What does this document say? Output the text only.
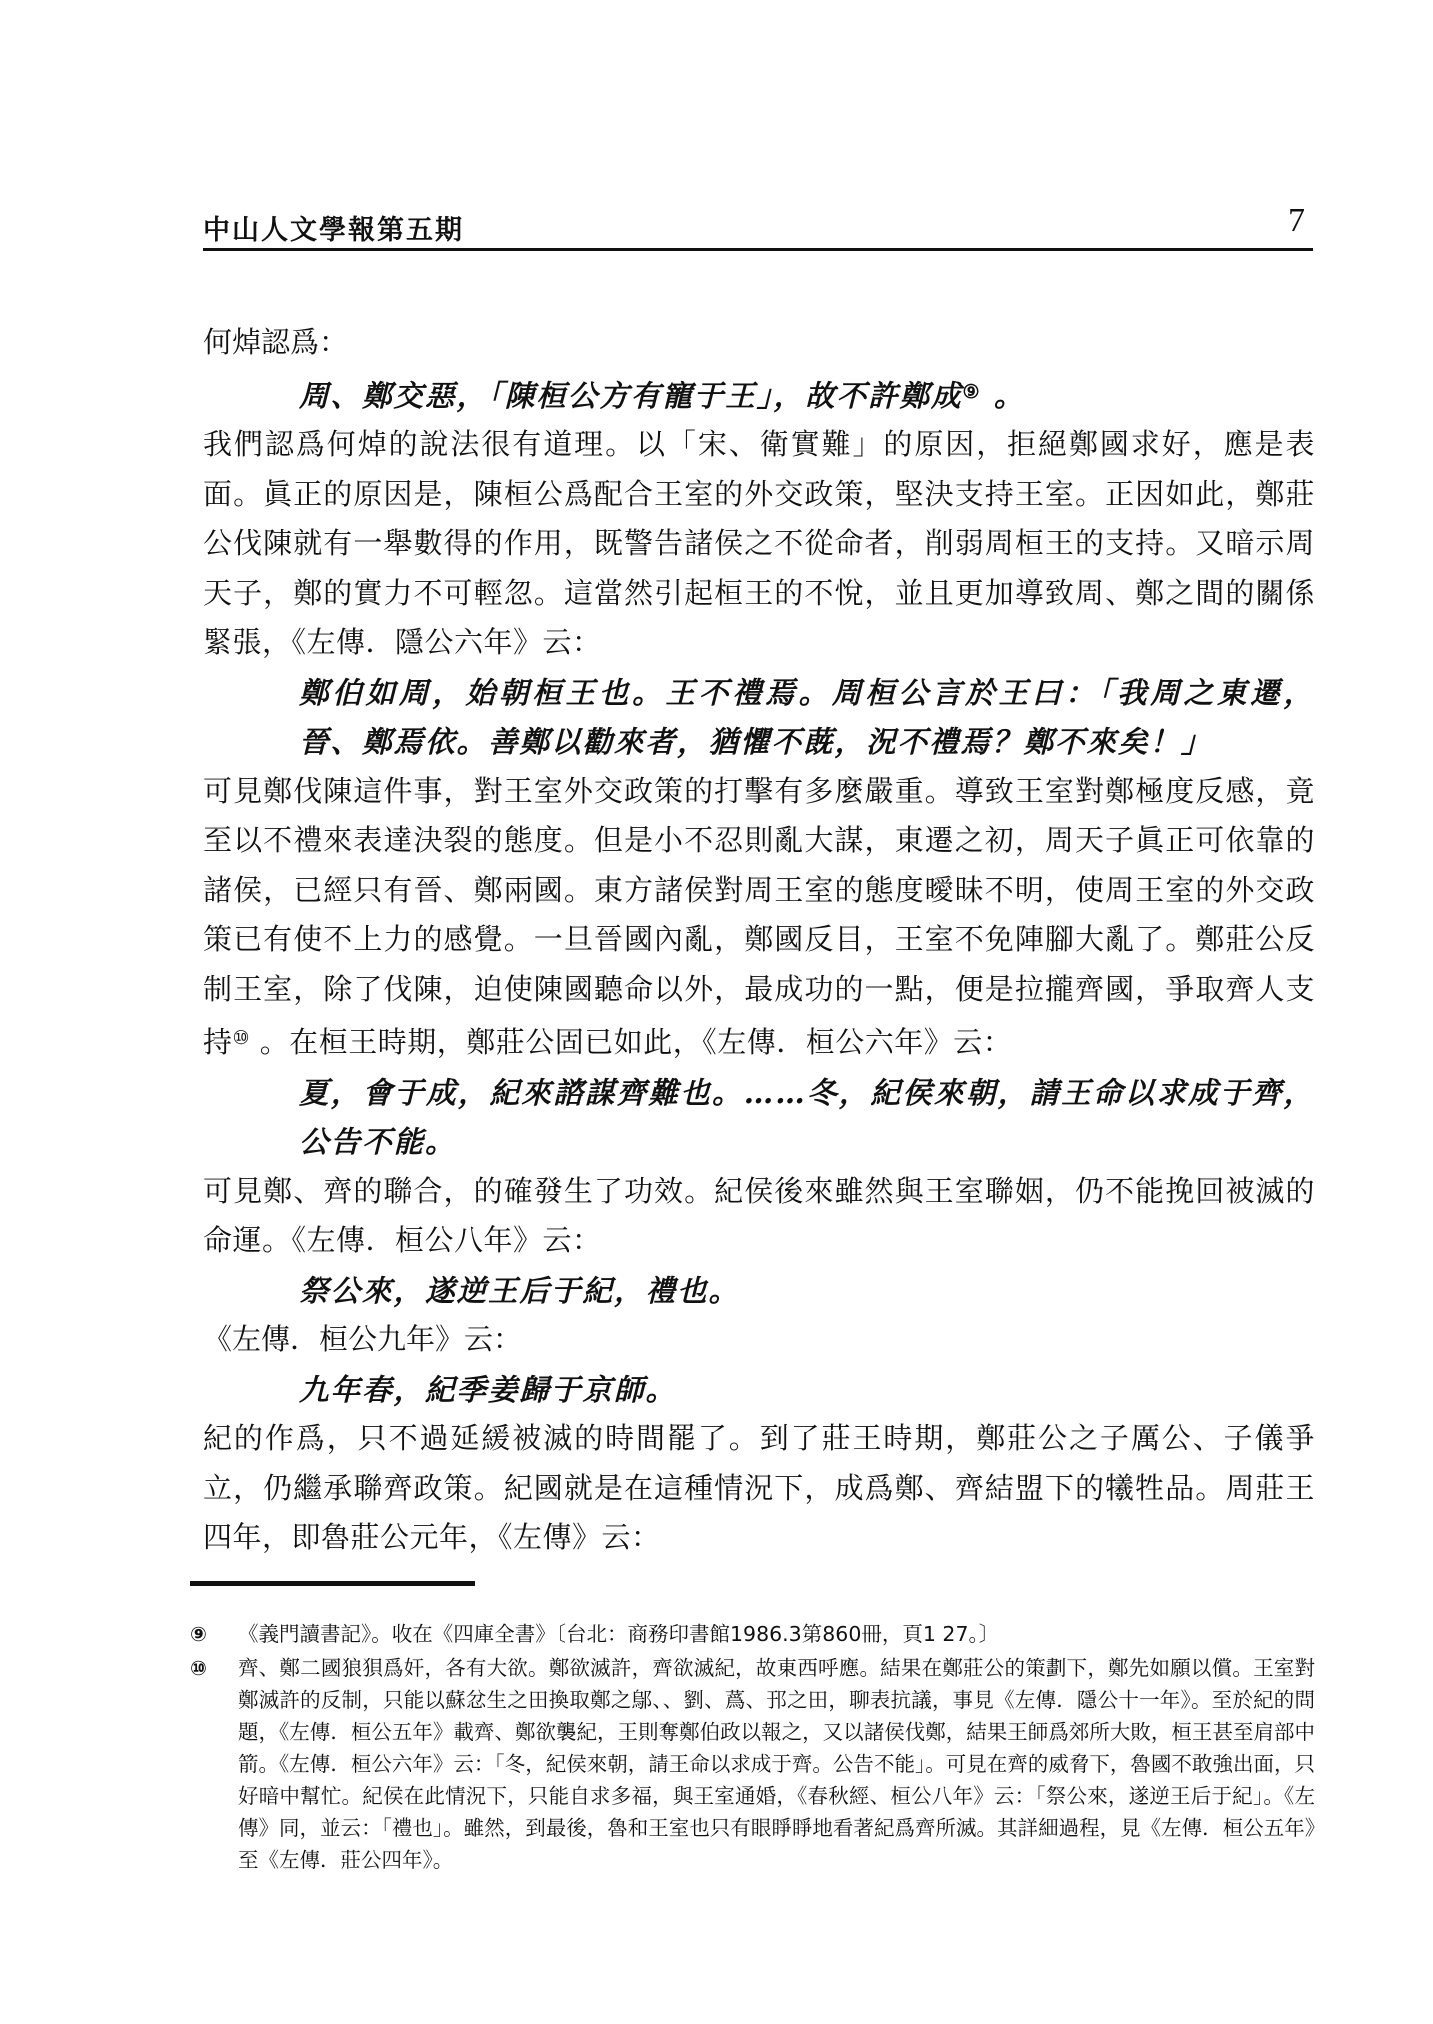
中山人文學報第五期	7

何焯認爲：

周、鄭交惡，「陳桓公方有寵于王」，故不許鄭成⑨ 。

我們認爲何焯的說法很有道理。以「宋、衛實難」的原因，拒絕鄭國求好，應是表面。眞正的原因是，陳桓公爲配合王室的外交政策，堅決支持王室。正因如此，鄭莊公伐陳就有一舉數得的作用，既警告諸侯之不從命者，削弱周桓王的支持。又暗示周天子，鄭的實力不可輕忽。這當然引起桓王的不悅，並且更加導致周、鄭之間的關係緊張，《左傳．隱公六年》云：

鄭伯如周，始朝桓王也。王不禮焉。周桓公言於王曰：「我周之東遷，晉、鄭焉依。善鄭以勸來者，猶懼不蔇，況不禮焉？鄭不來矣！」

可見鄭伐陳這件事，對王室外交政策的打擊有多麼嚴重。導致王室對鄭極度反感，竟至以不禮來表達決裂的態度。但是小不忍則亂大謀，東遷之初，周天子眞正可依靠的諸侯，已經只有晉、鄭兩國。東方諸侯對周王室的態度曖昧不明，使周王室的外交政策已有使不上力的感覺。一旦晉國內亂，鄭國反目，王室不免陣腳大亂了。鄭莊公反制王室，除了伐陳，迫使陳國聽命以外，最成功的一點，便是拉攏齊國，爭取齊人支持⑩ 。在桓王時期，鄭莊公固已如此，《左傳．桓公六年》云：

夏，會于成，紀來諮謀齊難也。……冬，紀侯來朝，請王命以求成于齊，公告不能。

可見鄭、齊的聯合，的確發生了功效。紀侯後來雖然與王室聯姻，仍不能挽回被滅的命運。《左傳．桓公八年》云：

祭公來，遂逆王后于紀，禮也。

《左傳．桓公九年》云：

九年春，紀季姜歸于京師。

紀的作爲，只不過延緩被滅的時間罷了。到了莊王時期，鄭莊公之子厲公、子儀爭立，仍繼承聯齊政策。紀國就是在這種情況下，成爲鄭、齊結盟下的犧牲品。周莊王四年，即魯莊公元年，《左傳》云：

⑨ 《義門讀書記》。收在《四庫全書》〔台北：商務印書館1986.3第860冊，頁1 27。〕
⑩ 齊、鄭二國狼狽爲奸，各有大欲。鄭欲滅許，齊欲滅紀，故東西呼應。結果在鄭莊公的策劃下，鄭先如願以償。王室對鄭滅許的反制，只能以蘇忿生之田換取鄭之鄔、、劉、蔿、邘之田，聊表抗議，事見《左傳．隱公十一年》。至於紀的問題，《左傳．桓公五年》載齊、鄭欲襲紀，王則奪鄭伯政以報之，又以諸侯伐鄭，結果王師爲郊所大敗，桓王甚至肩部中箭。《左傳．桓公六年》云：「冬，紀侯來朝，請王命以求成于齊。公告不能」。可見在齊的威脅下，魯國不敢強出面，只好暗中幫忙。紀侯在此情況下，只能自求多福，與王室通婚，《春秋經、桓公八年》云：「祭公來，遂逆王后于紀」。《左傳》同，並云：「禮也」。雖然，到最後，魯和王室也只有眼睜睜地看著紀爲齊所滅。其詳細過程，見《左傳．桓公五年》至《左傳．莊公四年》。
